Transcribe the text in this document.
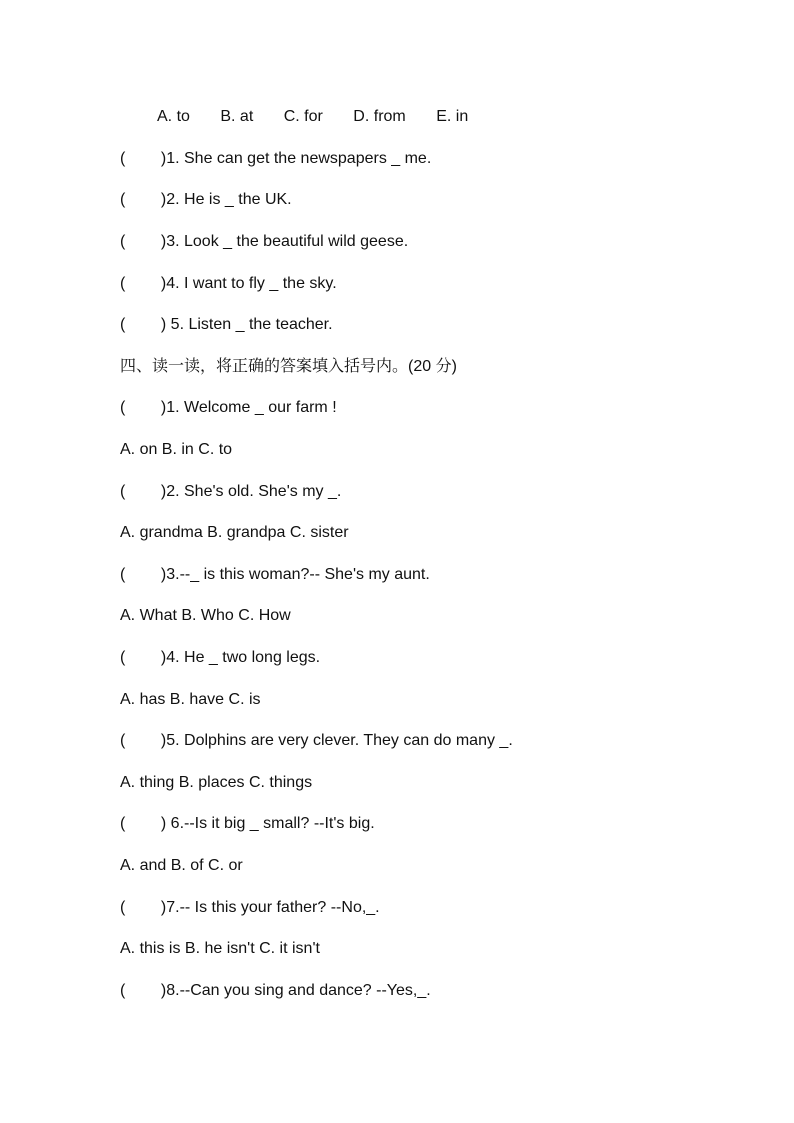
A. to B. at C. for D. from E. in
(        )1. She can get the newspapers _ me.
(        )2. He is _ the UK.
(        )3. Look _ the beautiful wild geese.
(        )4. I want to fly _ the sky.
(        ) 5. Listen _ the teacher.
四、读一读，将正确的答案填入括号内。(20 分)
(        )1. Welcome _ our farm !
A. on B. in C. to
(        )2. She's old. She's my _.
A. grandma B. grandpa C. sister
(        )3.--_ is this woman?-- She's my aunt.
A. What B. Who C. How
(        )4. He _ two long legs.
A. has B. have C. is
(        )5. Dolphins are very clever. They can do many _.
A. thing B. places C. things
(        ) 6.--Is it big _ small? --It's big.
A. and B. of C. or
(        )7.-- Is this your father? --No,_.
A. this is B. he isn't C. it isn't
(        )8.--Can you sing and dance? --Yes,_.
